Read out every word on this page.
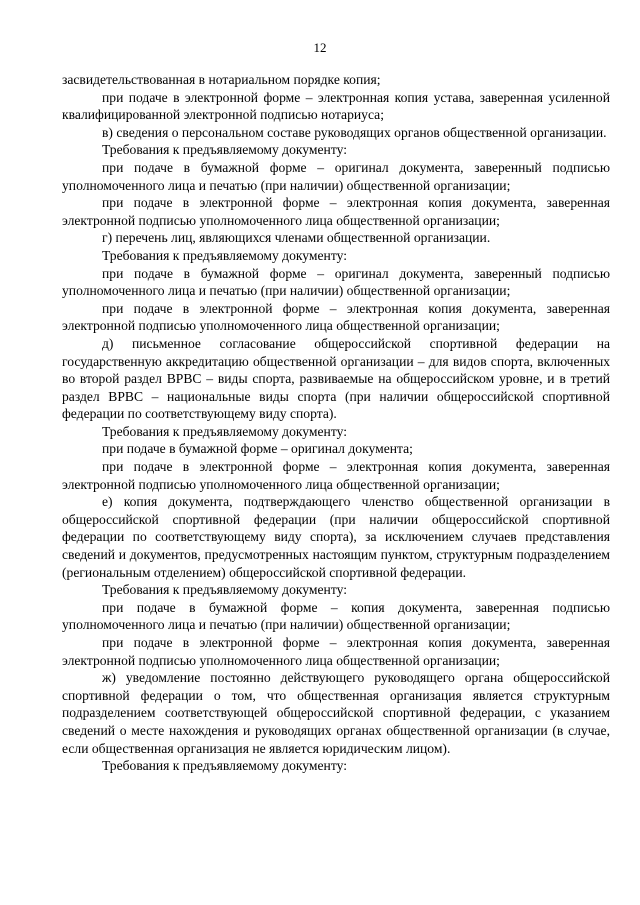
12

засвидетельствованная в нотариальном порядке копия;

при подаче в электронной форме – электронная копия устава, заверенная усиленной квалифицированной электронной подписью нотариуса;

в) сведения о персональном составе руководящих органов общественной организации.

Требования к предъявляемому документу:

при подаче в бумажной форме – оригинал документа, заверенный подписью уполномоченного лица и печатью (при наличии) общественной организации;

при подаче в электронной форме – электронная копия документа, заверенная электронной подписью уполномоченного лица общественной организации;

г) перечень лиц, являющихся членами общественной организации.

Требования к предъявляемому документу:

при подаче в бумажной форме – оригинал документа, заверенный подписью уполномоченного лица и печатью (при наличии) общественной организации;

при подаче в электронной форме – электронная копия документа, заверенная электронной подписью уполномоченного лица общественной организации;

д) письменное согласование общероссийской спортивной федерации на государственную аккредитацию общественной организации – для видов спорта, включенных во второй раздел ВРВС – виды спорта, развиваемые на общероссийском уровне, и в третий раздел ВРВС – национальные виды спорта (при наличии общероссийской спортивной федерации по соответствующему виду спорта).

Требования к предъявляемому документу:

при подаче в бумажной форме – оригинал документа;

при подаче в электронной форме – электронная копия документа, заверенная электронной подписью уполномоченного лица общественной организации;

е) копия документа, подтверждающего членство общественной организации в общероссийской спортивной федерации (при наличии общероссийской спортивной федерации по соответствующему виду спорта), за исключением случаев представления сведений и документов, предусмотренных настоящим пунктом, структурным подразделением (региональным отделением) общероссийской спортивной федерации.

Требования к предъявляемому документу:

при подаче в бумажной форме – копия документа, заверенная подписью уполномоченного лица и печатью (при наличии) общественной организации;

при подаче в электронной форме – электронная копия документа, заверенная электронной подписью уполномоченного лица общественной организации;

ж) уведомление постоянно действующего руководящего органа общероссийской спортивной федерации о том, что общественная организация является структурным подразделением соответствующей общероссийской спортивной федерации, с указанием сведений о месте нахождения и руководящих органах общественной организации (в случае, если общественная организация не является юридическим лицом).

Требования к предъявляемому документу:
